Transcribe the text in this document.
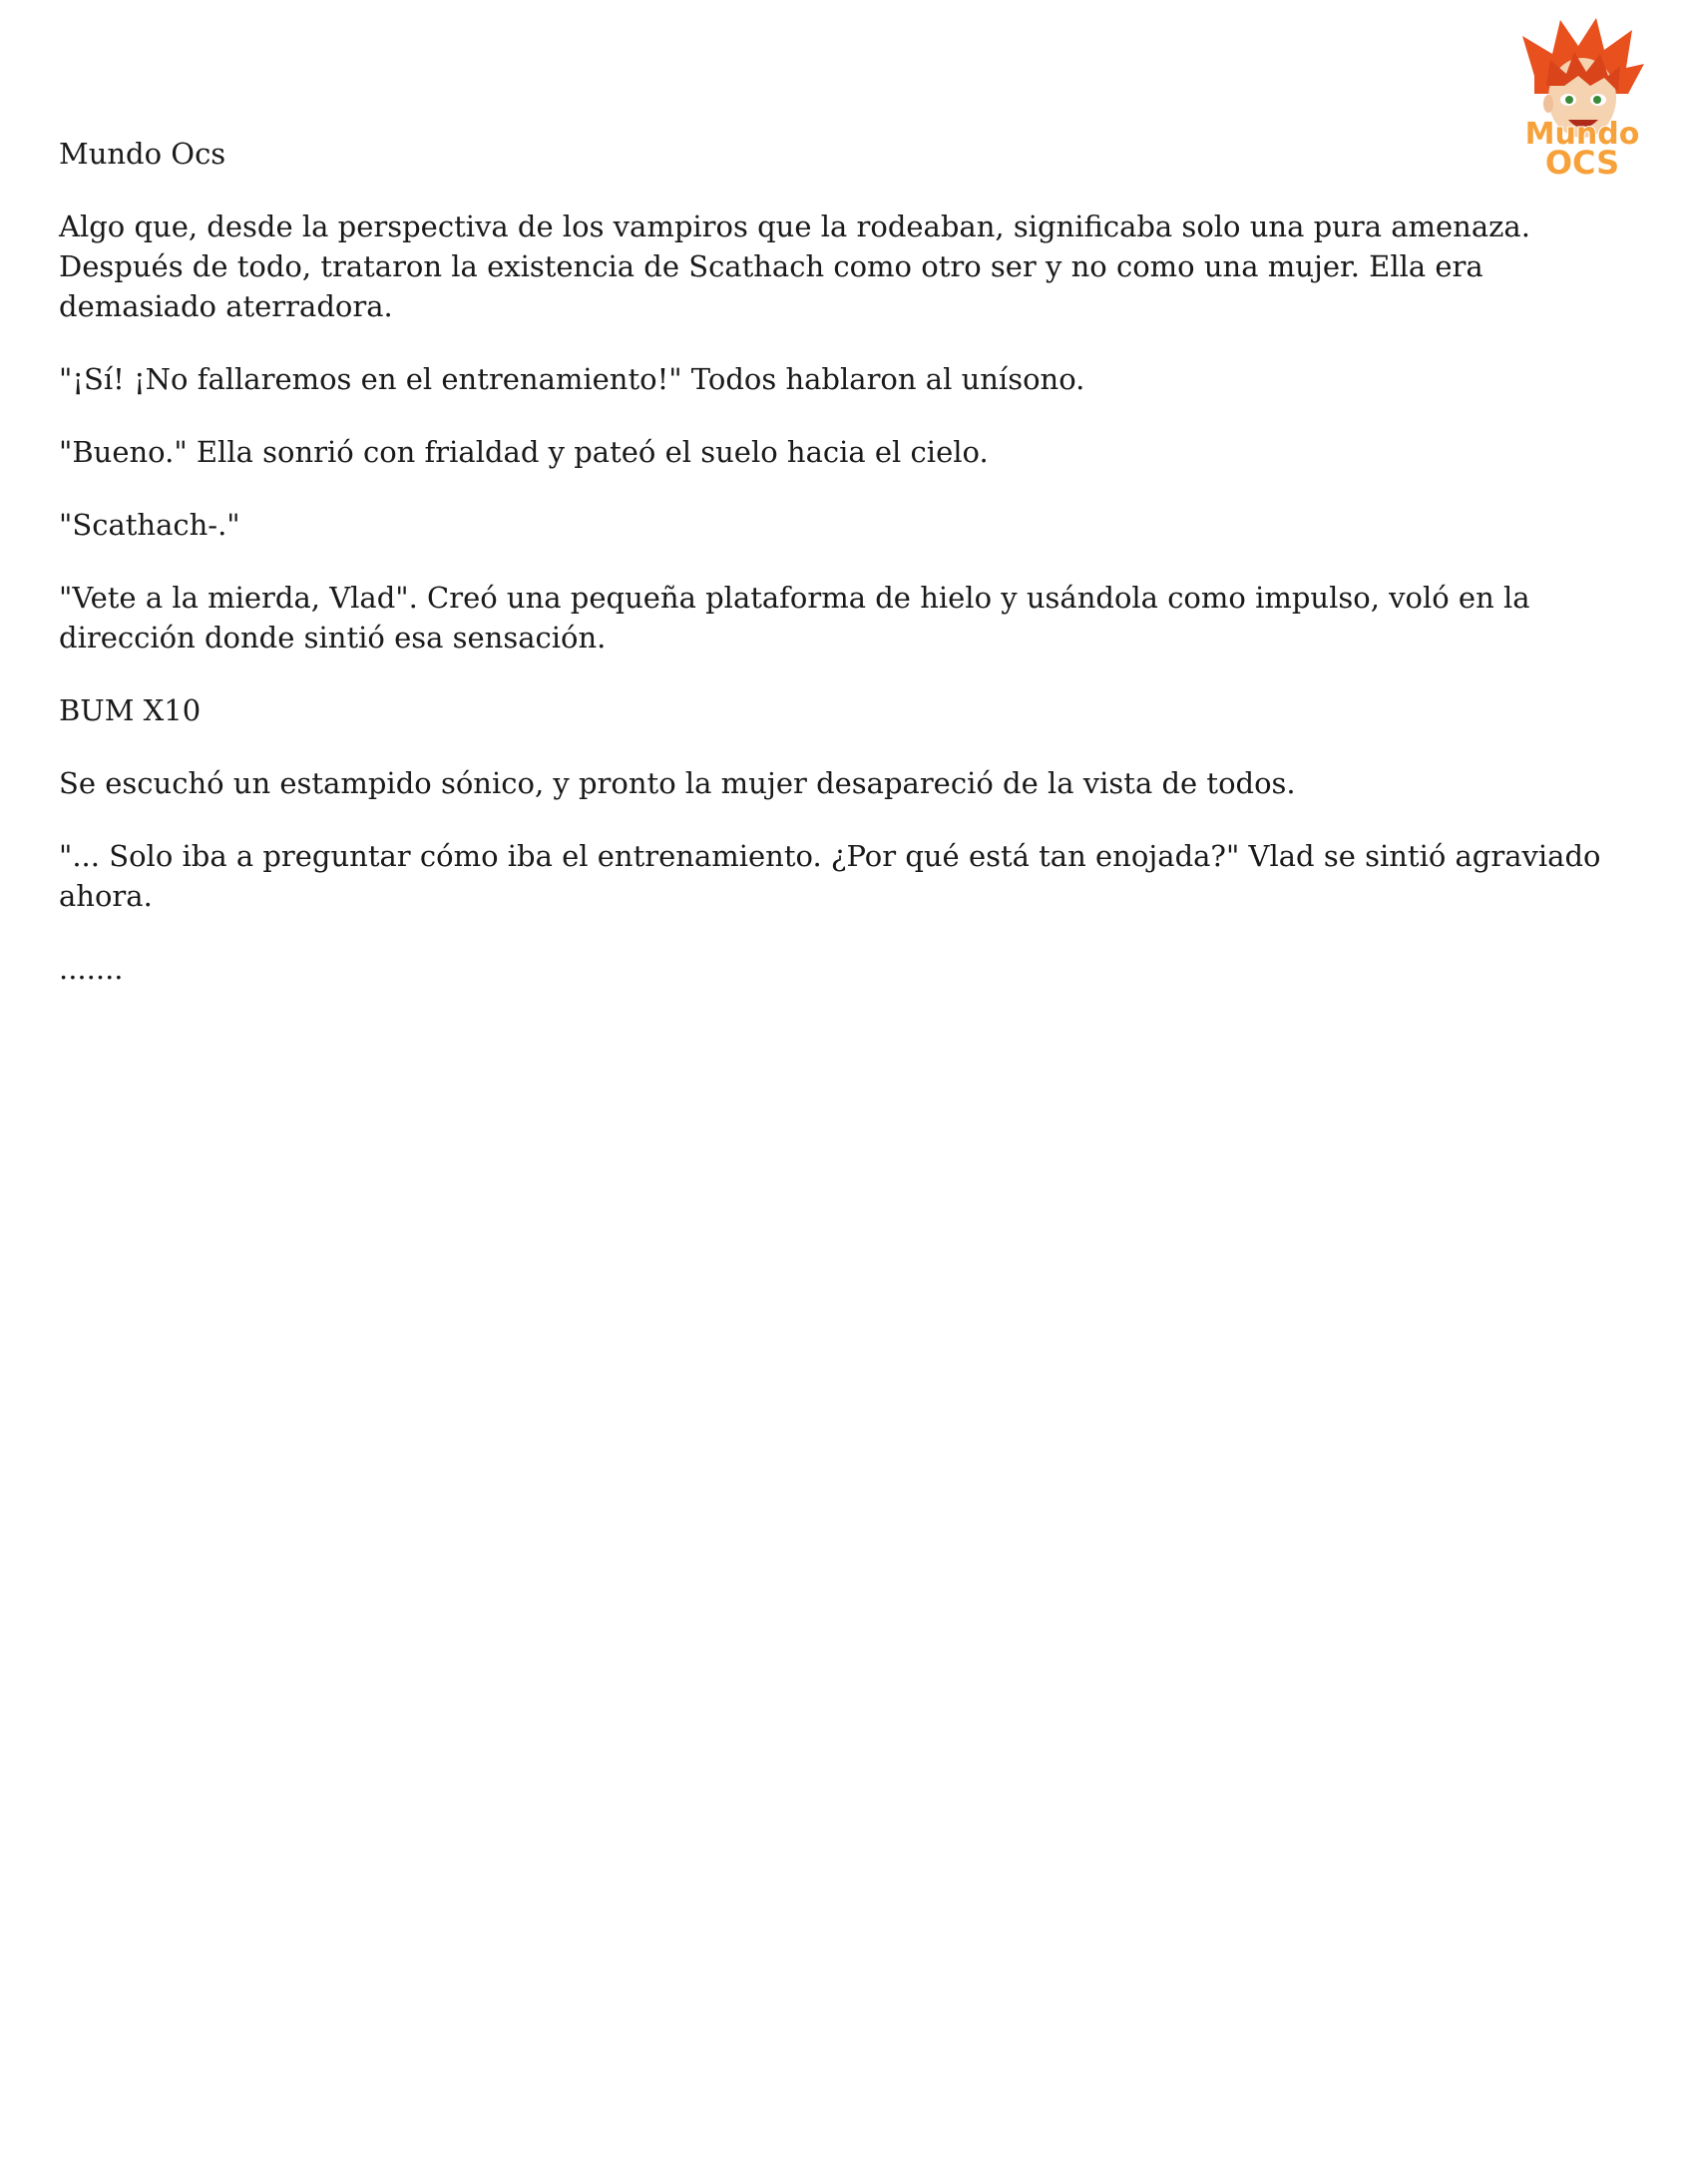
Mundo
OCS

Mundo Ocs

Algo que, desde la perspectiva de los vampiros que la rodeaban, significaba solo una pura amenaza. Después de todo, trataron la existencia de Scathach como otro ser y no como una mujer. Ella era demasiado aterradora.

"¡Sí! ¡No fallaremos en el entrenamiento!" Todos hablaron al unísono.

"Bueno." Ella sonrió con frialdad y pateó el suelo hacia el cielo.

"Scathach-."

"Vete a la mierda, Vlad". Creó una pequeña plataforma de hielo y usándola como impulso, voló en la dirección donde sintió esa sensación.

BUM X10

Se escuchó un estampido sónico, y pronto la mujer desapareció de la vista de todos.

"... Solo iba a preguntar cómo iba el entrenamiento. ¿Por qué está tan enojada?" Vlad se sintió agraviado ahora.

.......
